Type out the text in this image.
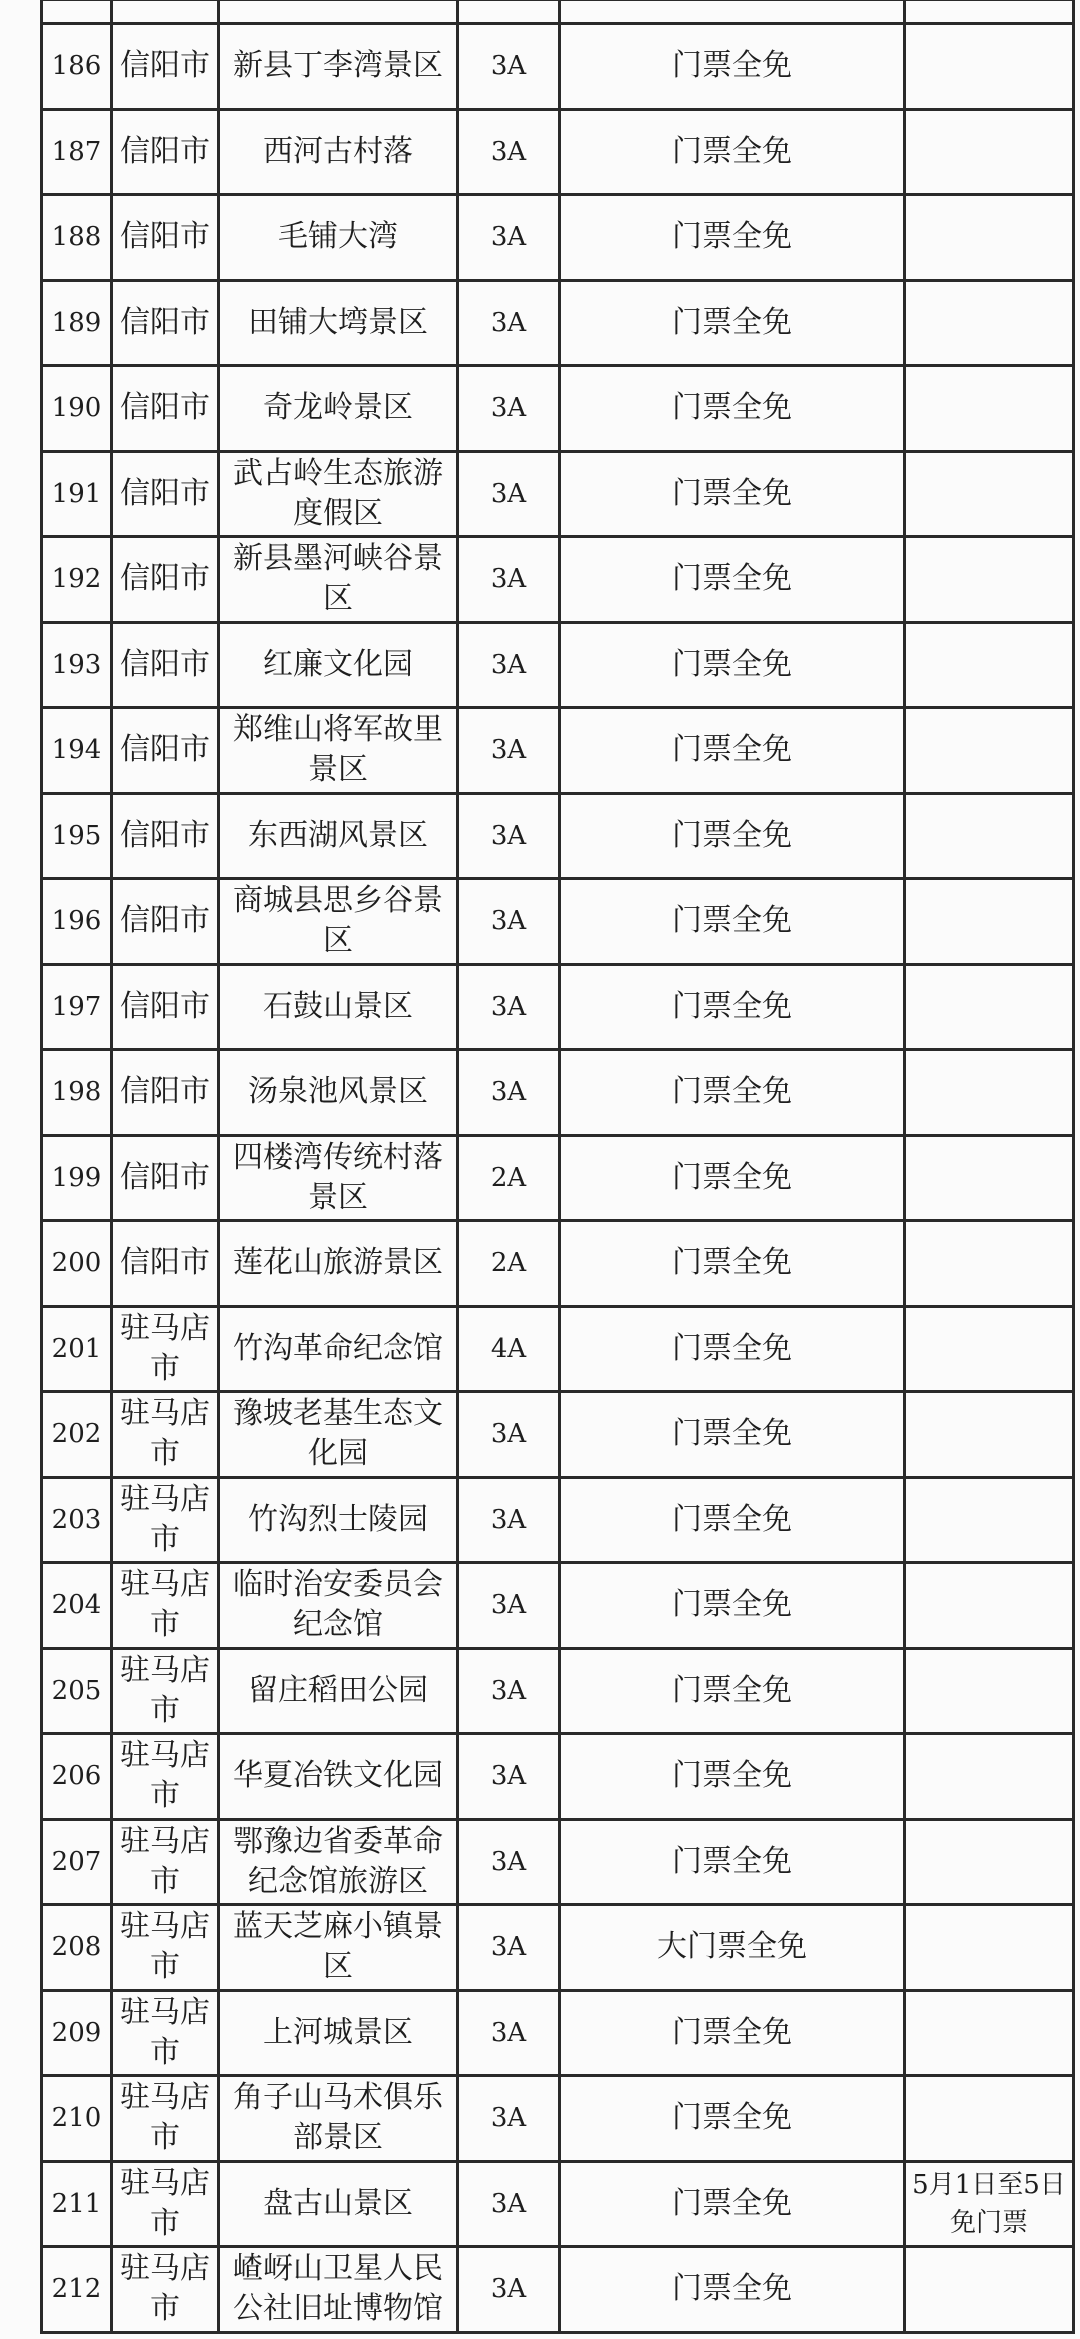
186	信阳市	新县丁李湾景区	3A	门票全免	
187	信阳市	西河古村落	3A	门票全免	
188	信阳市	毛铺大湾	3A	门票全免	
189	信阳市	田铺大塆景区	3A	门票全免	
190	信阳市	奇龙岭景区	3A	门票全免	
191	信阳市	武占岭生态旅游度假区	3A	门票全免	
192	信阳市	新县墨河峡谷景区	3A	门票全免	
193	信阳市	红廉文化园	3A	门票全免	
194	信阳市	郑维山将军故里景区	3A	门票全免	
195	信阳市	东西湖风景区	3A	门票全免	
196	信阳市	商城县思乡谷景区	3A	门票全免	
197	信阳市	石鼓山景区	3A	门票全免	
198	信阳市	汤泉池风景区	3A	门票全免	
199	信阳市	四楼湾传统村落景区	2A	门票全免	
200	信阳市	莲花山旅游景区	2A	门票全免	
201	驻马店市	竹沟革命纪念馆	4A	门票全免	
202	驻马店市	豫坡老基生态文化园	3A	门票全免	
203	驻马店市	竹沟烈士陵园	3A	门票全免	
204	驻马店市	临时治安委员会纪念馆	3A	门票全免	
205	驻马店市	留庄稻田公园	3A	门票全免	
206	驻马店市	华夏冶铁文化园	3A	门票全免	
207	驻马店市	鄂豫边省委革命纪念馆旅游区	3A	门票全免	
208	驻马店市	蓝天芝麻小镇景区	3A	大门票全免	
209	驻马店市	上河城景区	3A	门票全免	
210	驻马店市	角子山马术俱乐部景区	3A	门票全免	
211	驻马店市	盘古山景区	3A	门票全免	5月1日至5日免门票
212	驻马店市	嵖岈山卫星人民公社旧址博物馆	3A	门票全免	
